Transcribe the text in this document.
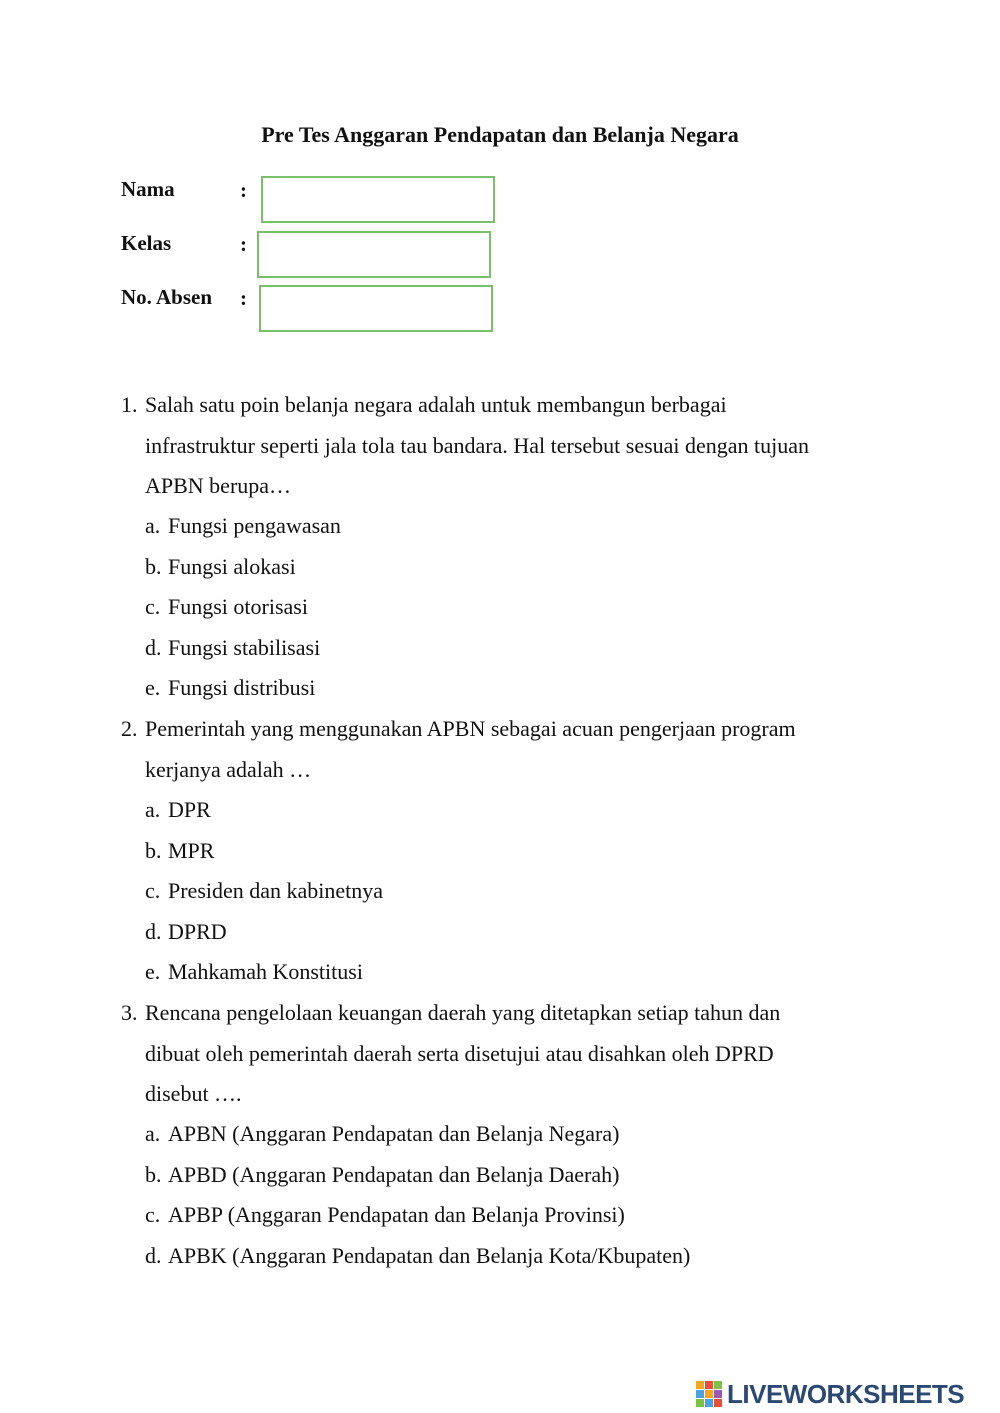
Pre Tes Anggaran Pendapatan dan Belanja Negara
Nama	:
Kelas	:
No. Absen :
1. Salah satu poin belanja negara adalah untuk membangun berbagai
infrastruktur seperti jala tola tau bandara. Hal tersebut sesuai dengan tujuan
APBN berupa…
a. Fungsi pengawasan
b. Fungsi alokasi
c. Fungsi otorisasi
d. Fungsi stabilisasi
e. Fungsi distribusi
2. Pemerintah yang menggunakan APBN sebagai acuan pengerjaan program
kerjanya adalah …
a. DPR
b. MPR
c. Presiden dan kabinetnya
d. DPRD
e. Mahkamah Konstitusi
3. Rencana pengelolaan keuangan daerah yang ditetapkan setiap tahun dan
dibuat oleh pemerintah daerah serta disetujui atau disahkan oleh DPRD
disebut ….
a. APBN (Anggaran Pendapatan dan Belanja Negara)
b. APBD (Anggaran Pendapatan dan Belanja Daerah)
c. APBP (Anggaran Pendapatan dan Belanja Provinsi)
d. APBK (Anggaran Pendapatan dan Belanja Kota/Kbupaten)
LIVEWORKSHEETS
